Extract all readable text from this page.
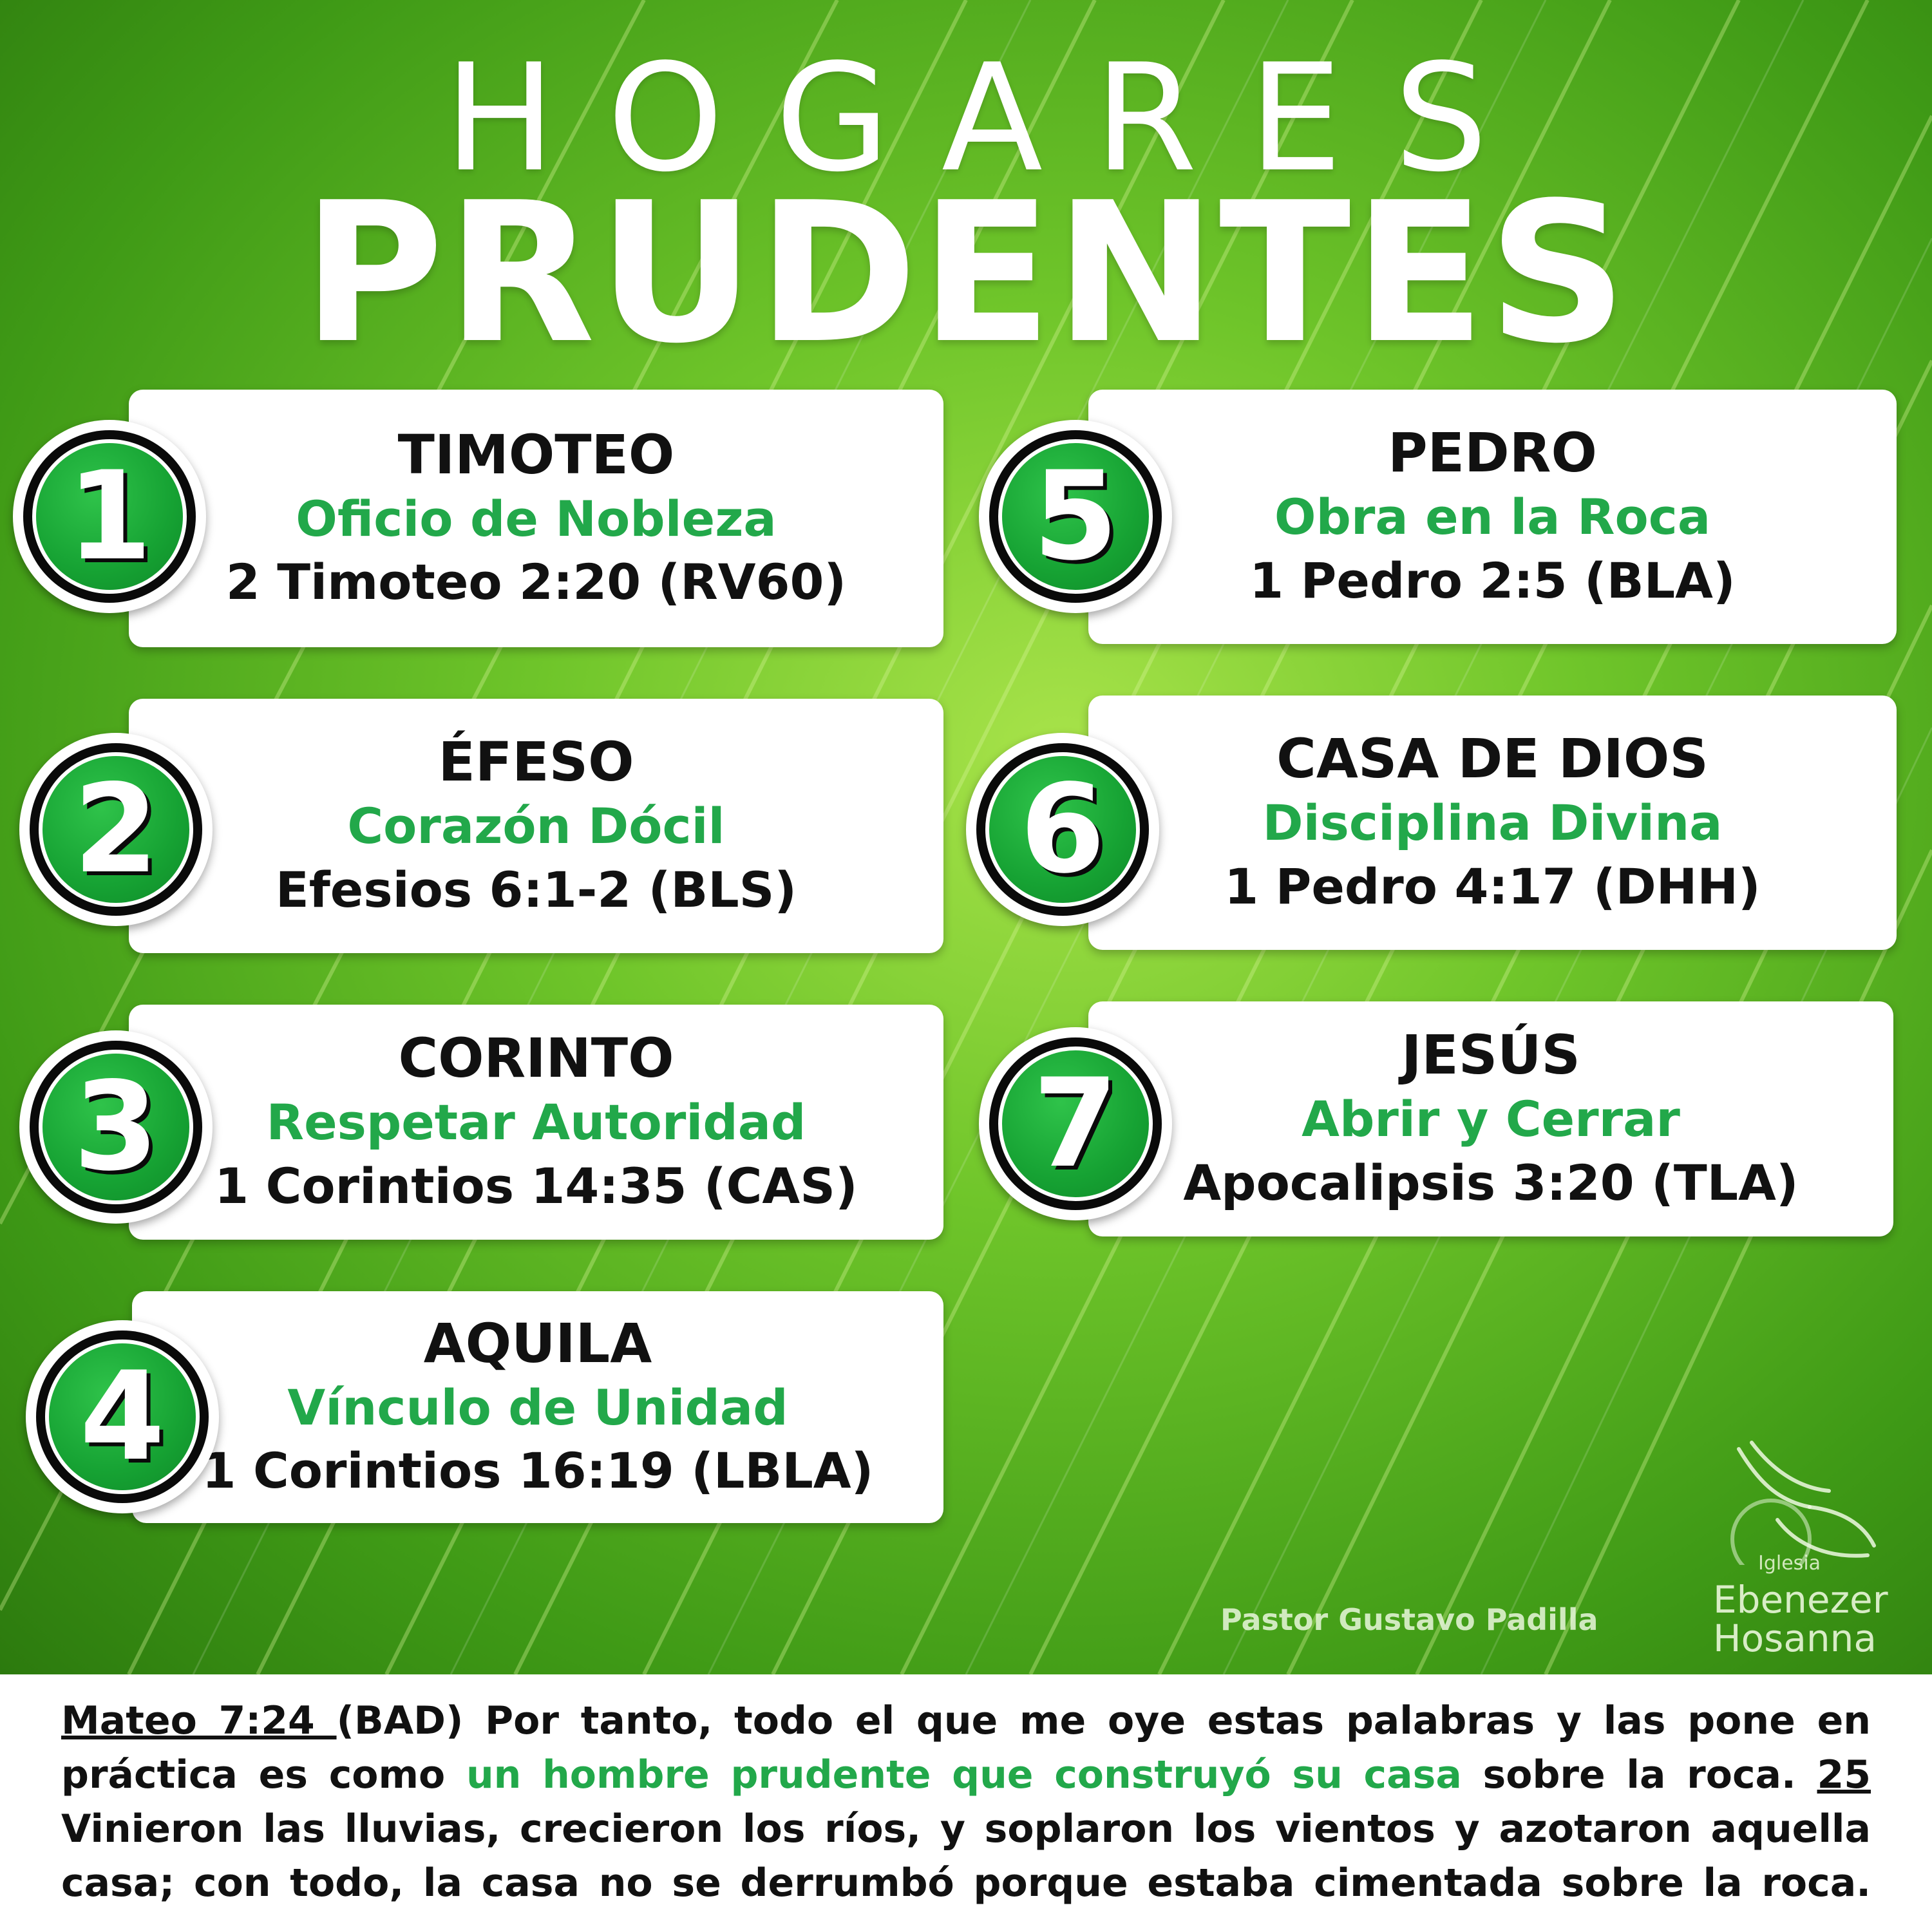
HOGARES
PRUDENTES
TIMOTEO
Oficio de Nobleza
2 Timoteo 2:20 (RV60)
1
ÉFESO
Corazón Dócil
Efesios 6:1-2 (BLS)
2
CORINTO
Respetar Autoridad
1 Corintios 14:35 (CAS)
3
AQUILA
Vínculo de Unidad
1 Corintios 16:19 (LBLA)
4
PEDRO
Obra en la Roca
1 Pedro 2:5 (BLA)
5
CASA DE DIOS
Disciplina Divina
1 Pedro 4:17 (DHH)
6
JESÚS
Abrir y Cerrar
Apocalipsis 3:20 (TLA)
7
Pastor Gustavo Padilla
Iglesia
Ebenezer
Hosanna
Mateo 7:24 (BAD) Por tanto, todo el que me oye estas palabras y las pone en práctica es como un hombre prudente que construyó su casa sobre la roca. 25 Vinieron las lluvias, crecieron los ríos, y soplaron los vientos y azotaron aquella casa; con todo, la casa no se derrumbó porque estaba cimentada sobre la roca.
